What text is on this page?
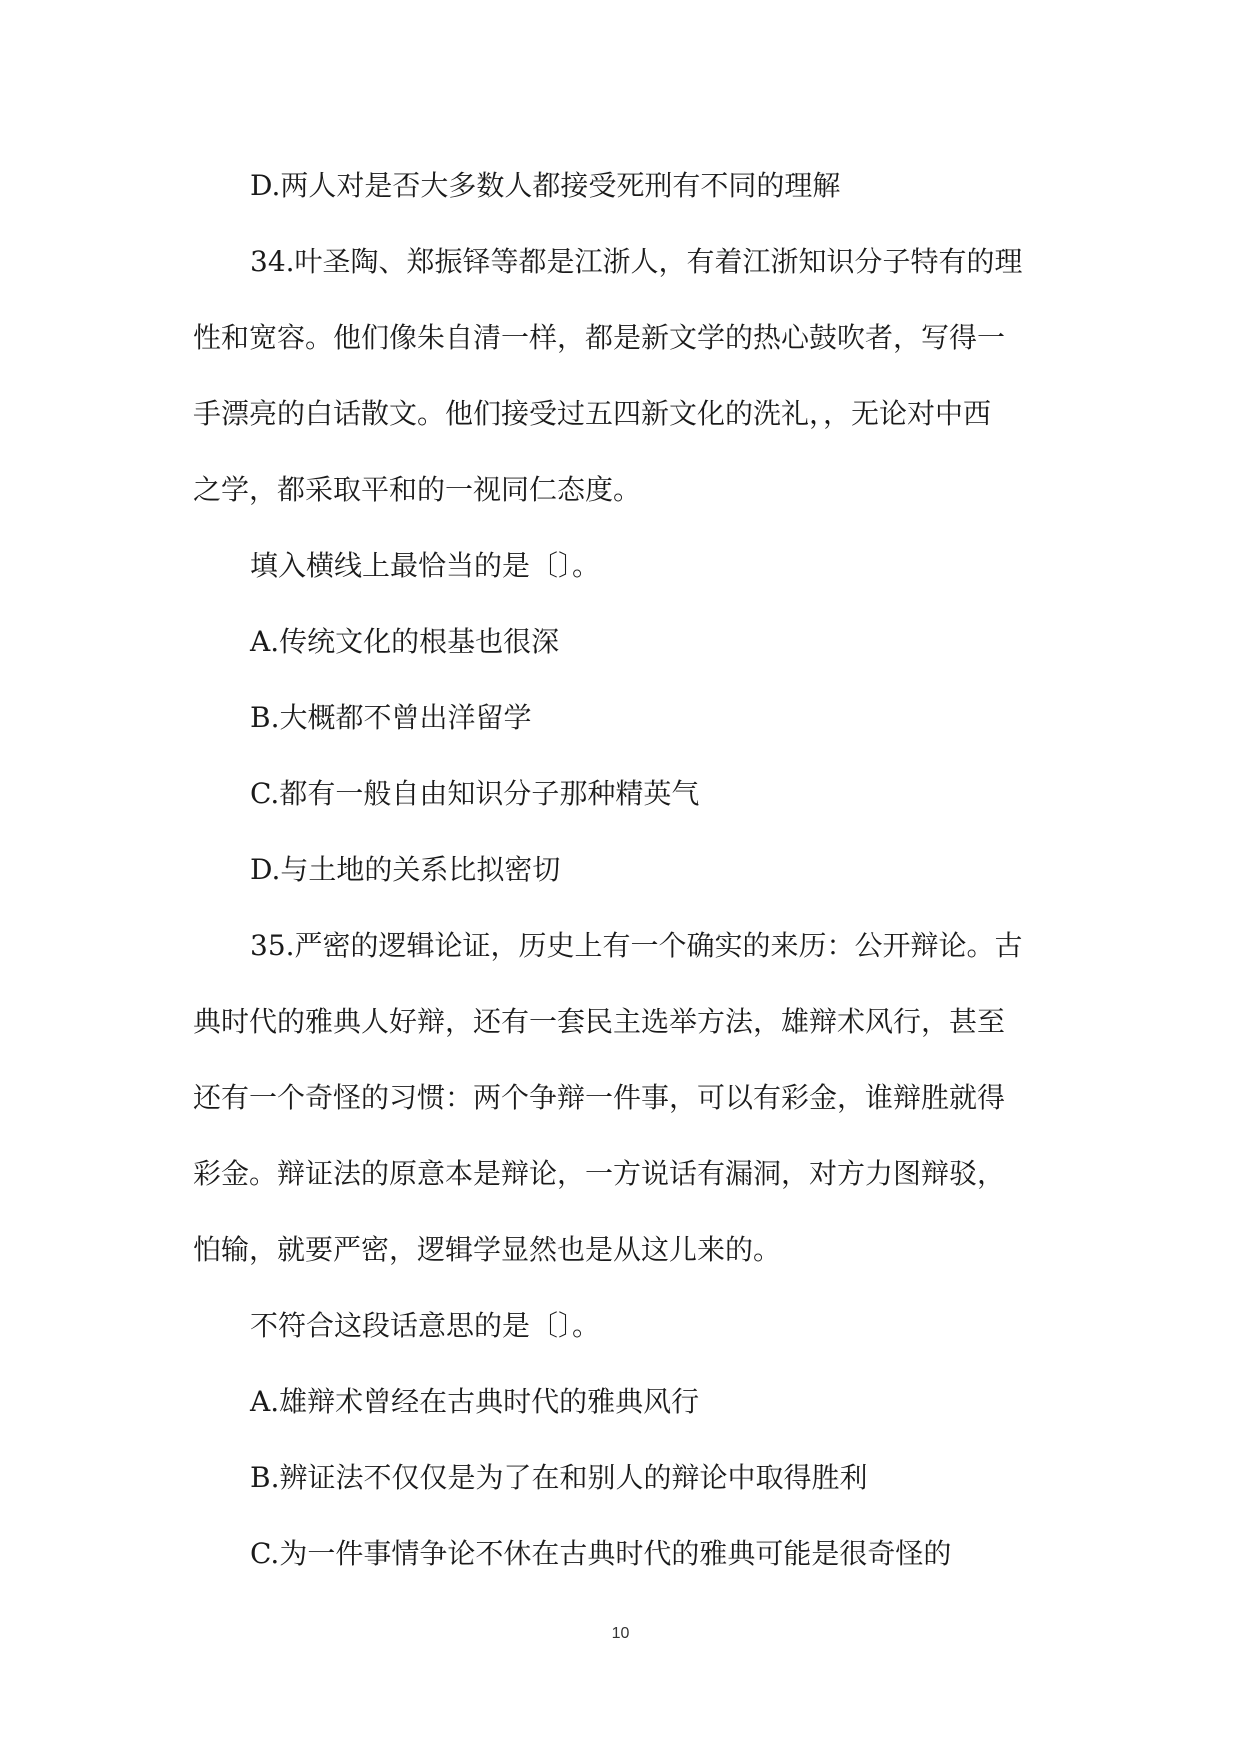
D.两人对是否大多数人都接受死刑有不同的理解
34.叶圣陶、郑振铎等都是江浙人，有着江浙知识分子特有的理
性和宽容。他们像朱自清一样，都是新文学的热心鼓吹者，写得一
手漂亮的白话散文。他们接受过五四新文化的洗礼，，无论对中西
之学，都采取平和的一视同仁态度。
填入横线上最恰当的是〔〕。
A.传统文化的根基也很深
B.大概都不曾出洋留学
C.都有一般自由知识分子那种精英气
D.与土地的关系比拟密切
35.严密的逻辑论证，历史上有一个确实的来历：公开辩论。古
典时代的雅典人好辩，还有一套民主选举方法，雄辩术风行，甚至
还有一个奇怪的习惯：两个争辩一件事，可以有彩金，谁辩胜就得
彩金。辩证法的原意本是辩论，一方说话有漏洞，对方力图辩驳，
怕输，就要严密，逻辑学显然也是从这儿来的。
不符合这段话意思的是〔〕。
A.雄辩术曾经在古典时代的雅典风行
B.辨证法不仅仅是为了在和别人的辩论中取得胜利
C.为一件事情争论不休在古典时代的雅典可能是很奇怪的
10
